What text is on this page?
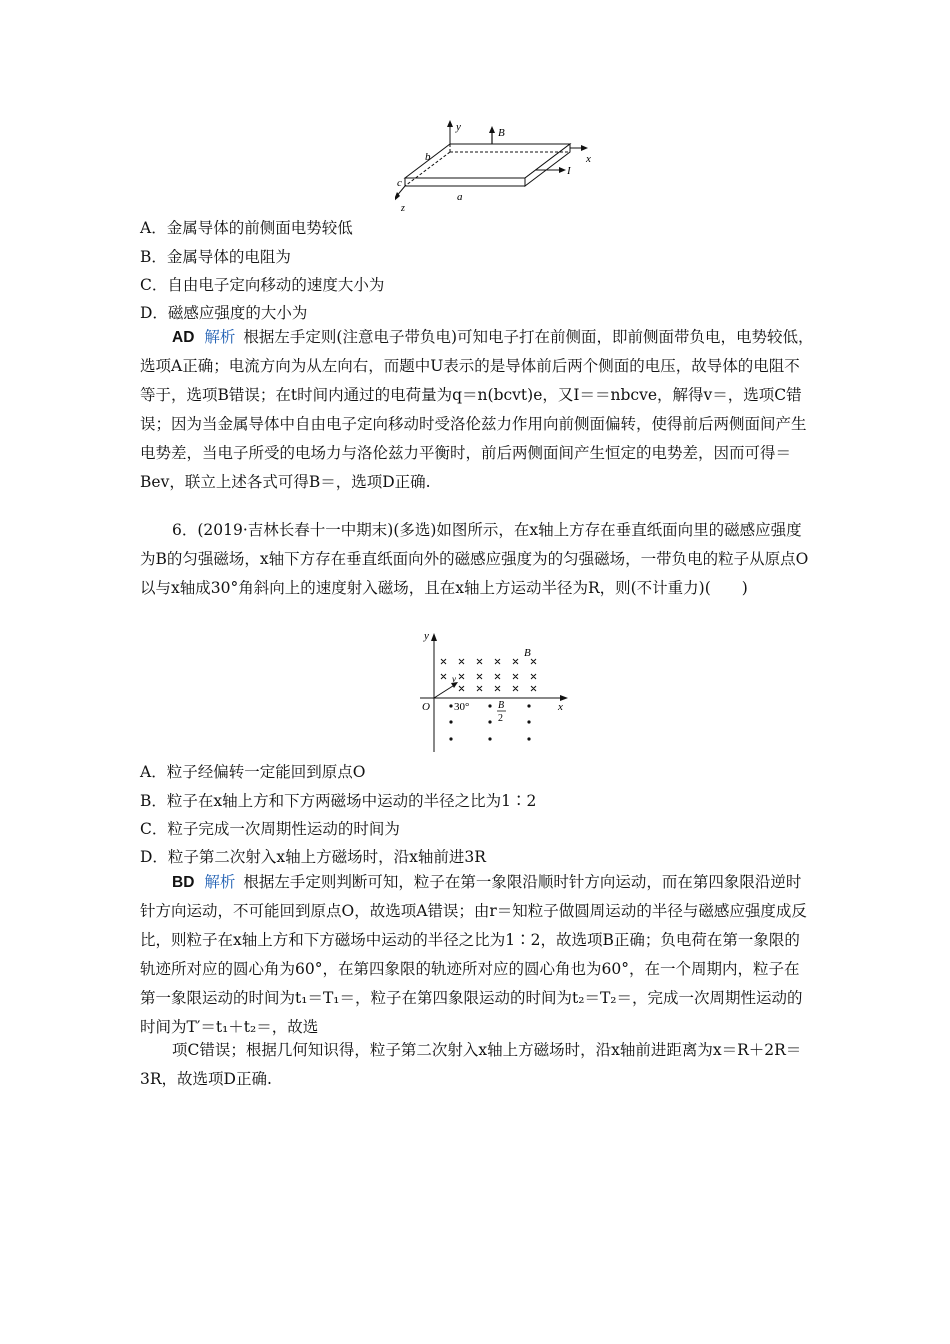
y	B
x
I
z
b
c
a
A．金属导体的前侧面电势较低
B．金属导体的电阻为
C．自由电子定向移动的速度大小为
D．磁感应强度的大小为
AD 解析 根据左手定则(注意电子带负电)可知电子打在前侧面，即前侧面带负电，电势较低，选项A正确；电流方向为从左向右，而题中U表示的是导体前后两个侧面的电压，故导体的电阻不等于，选项B错误；在t时间内通过的电荷量为q＝n(bcvt)e，又I＝＝nbcve，解得v＝，选项C错误；因为当金属导体中自由电子定向移动时受洛伦兹力作用向前侧面偏转，使得前后两侧面间产生电势差，当电子所受的电场力与洛伦兹力平衡时，前后两侧面间产生恒定的电势差，因而可得＝Bev，联立上述各式可得B＝，选项D正确.
6．(2019·吉林长春十一中期末)(多选)如图所示，在x轴上方存在垂直纸面向里的磁感应强度为B的匀强磁场，x轴下方存在垂直纸面向外的磁感应强度为的匀强磁场，一带负电的粒子从原点O以与x轴成30°角斜向上的速度射入磁场，且在x轴上方运动半径为R，则(不计重力)(　　)
y
x
O
B
v
30°	B
2
A．粒子经偏转一定能回到原点O
B．粒子在x轴上方和下方两磁场中运动的半径之比为1∶2
C．粒子完成一次周期性运动的时间为
D．粒子第二次射入x轴上方磁场时，沿x轴前进3R
BD 解析 根据左手定则判断可知，粒子在第一象限沿顺时针方向运动，而在第四象限沿逆时针方向运动，不可能回到原点O，故选项A错误；由r＝知粒子做圆周运动的半径与磁感应强度成反比，则粒子在x轴上方和下方磁场中运动的半径之比为1∶2，故选项B正确；负电荷在第一象限的轨迹所对应的圆心角为60°，在第四象限的轨迹所对应的圆心角也为60°，在一个周期内，粒子在第一象限运动的时间为t₁＝T₁＝，粒子在第四象限运动的时间为t₂＝T₂＝，完成一次周期性运动的时间为T′＝t₁＋t₂＝，故选
项C错误；根据几何知识得，粒子第二次射入x轴上方磁场时，沿x轴前进距离为x＝R＋2R＝3R，故选项D正确.
